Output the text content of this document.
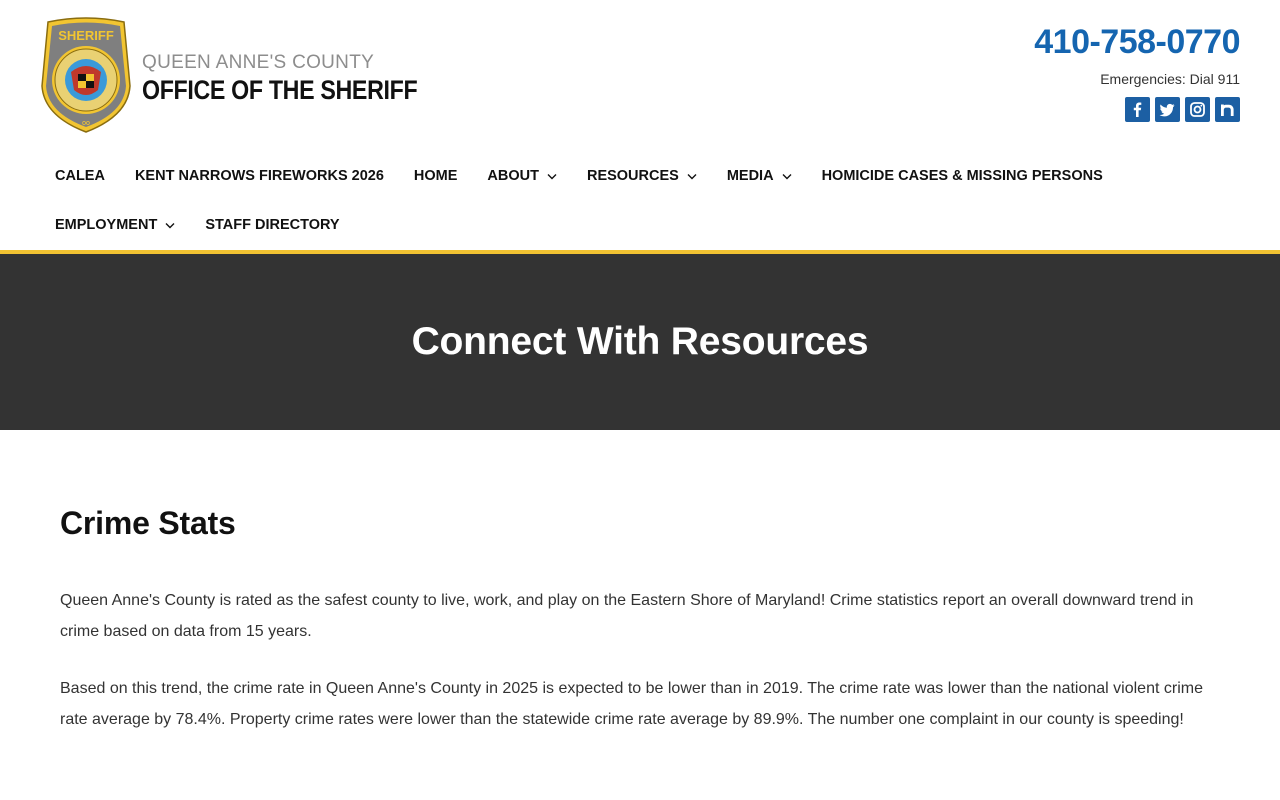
SHERIFF
OO
QUEEN ANNE'S COUNTY
OFFICE OF THE SHERIFF
410-758-0770
Emergencies: Dial 911
CALEA KENT NARROWS FIREWORKS 2026 HOME ABOUT	RESOURCES	MEDIA	HOMICIDE CASES & MISSING PERSONS
EMPLOYMENT	STAFF DIRECTORY
Connect With Resources
Crime Stats

Queen Anne's County is rated as the safest county to live, work, and play on the Eastern Shore of Maryland! Crime statistics report an overall downward trend in crime based on data from 15 years.

Based on this trend, the crime rate in Queen Anne's County in 2025 is expected to be lower than in 2019. The crime rate was lower than the national violent crime rate average by 78.4%. Property crime rates were lower than the statewide crime rate average by 89.9%. The number one complaint in our county is speeding!
